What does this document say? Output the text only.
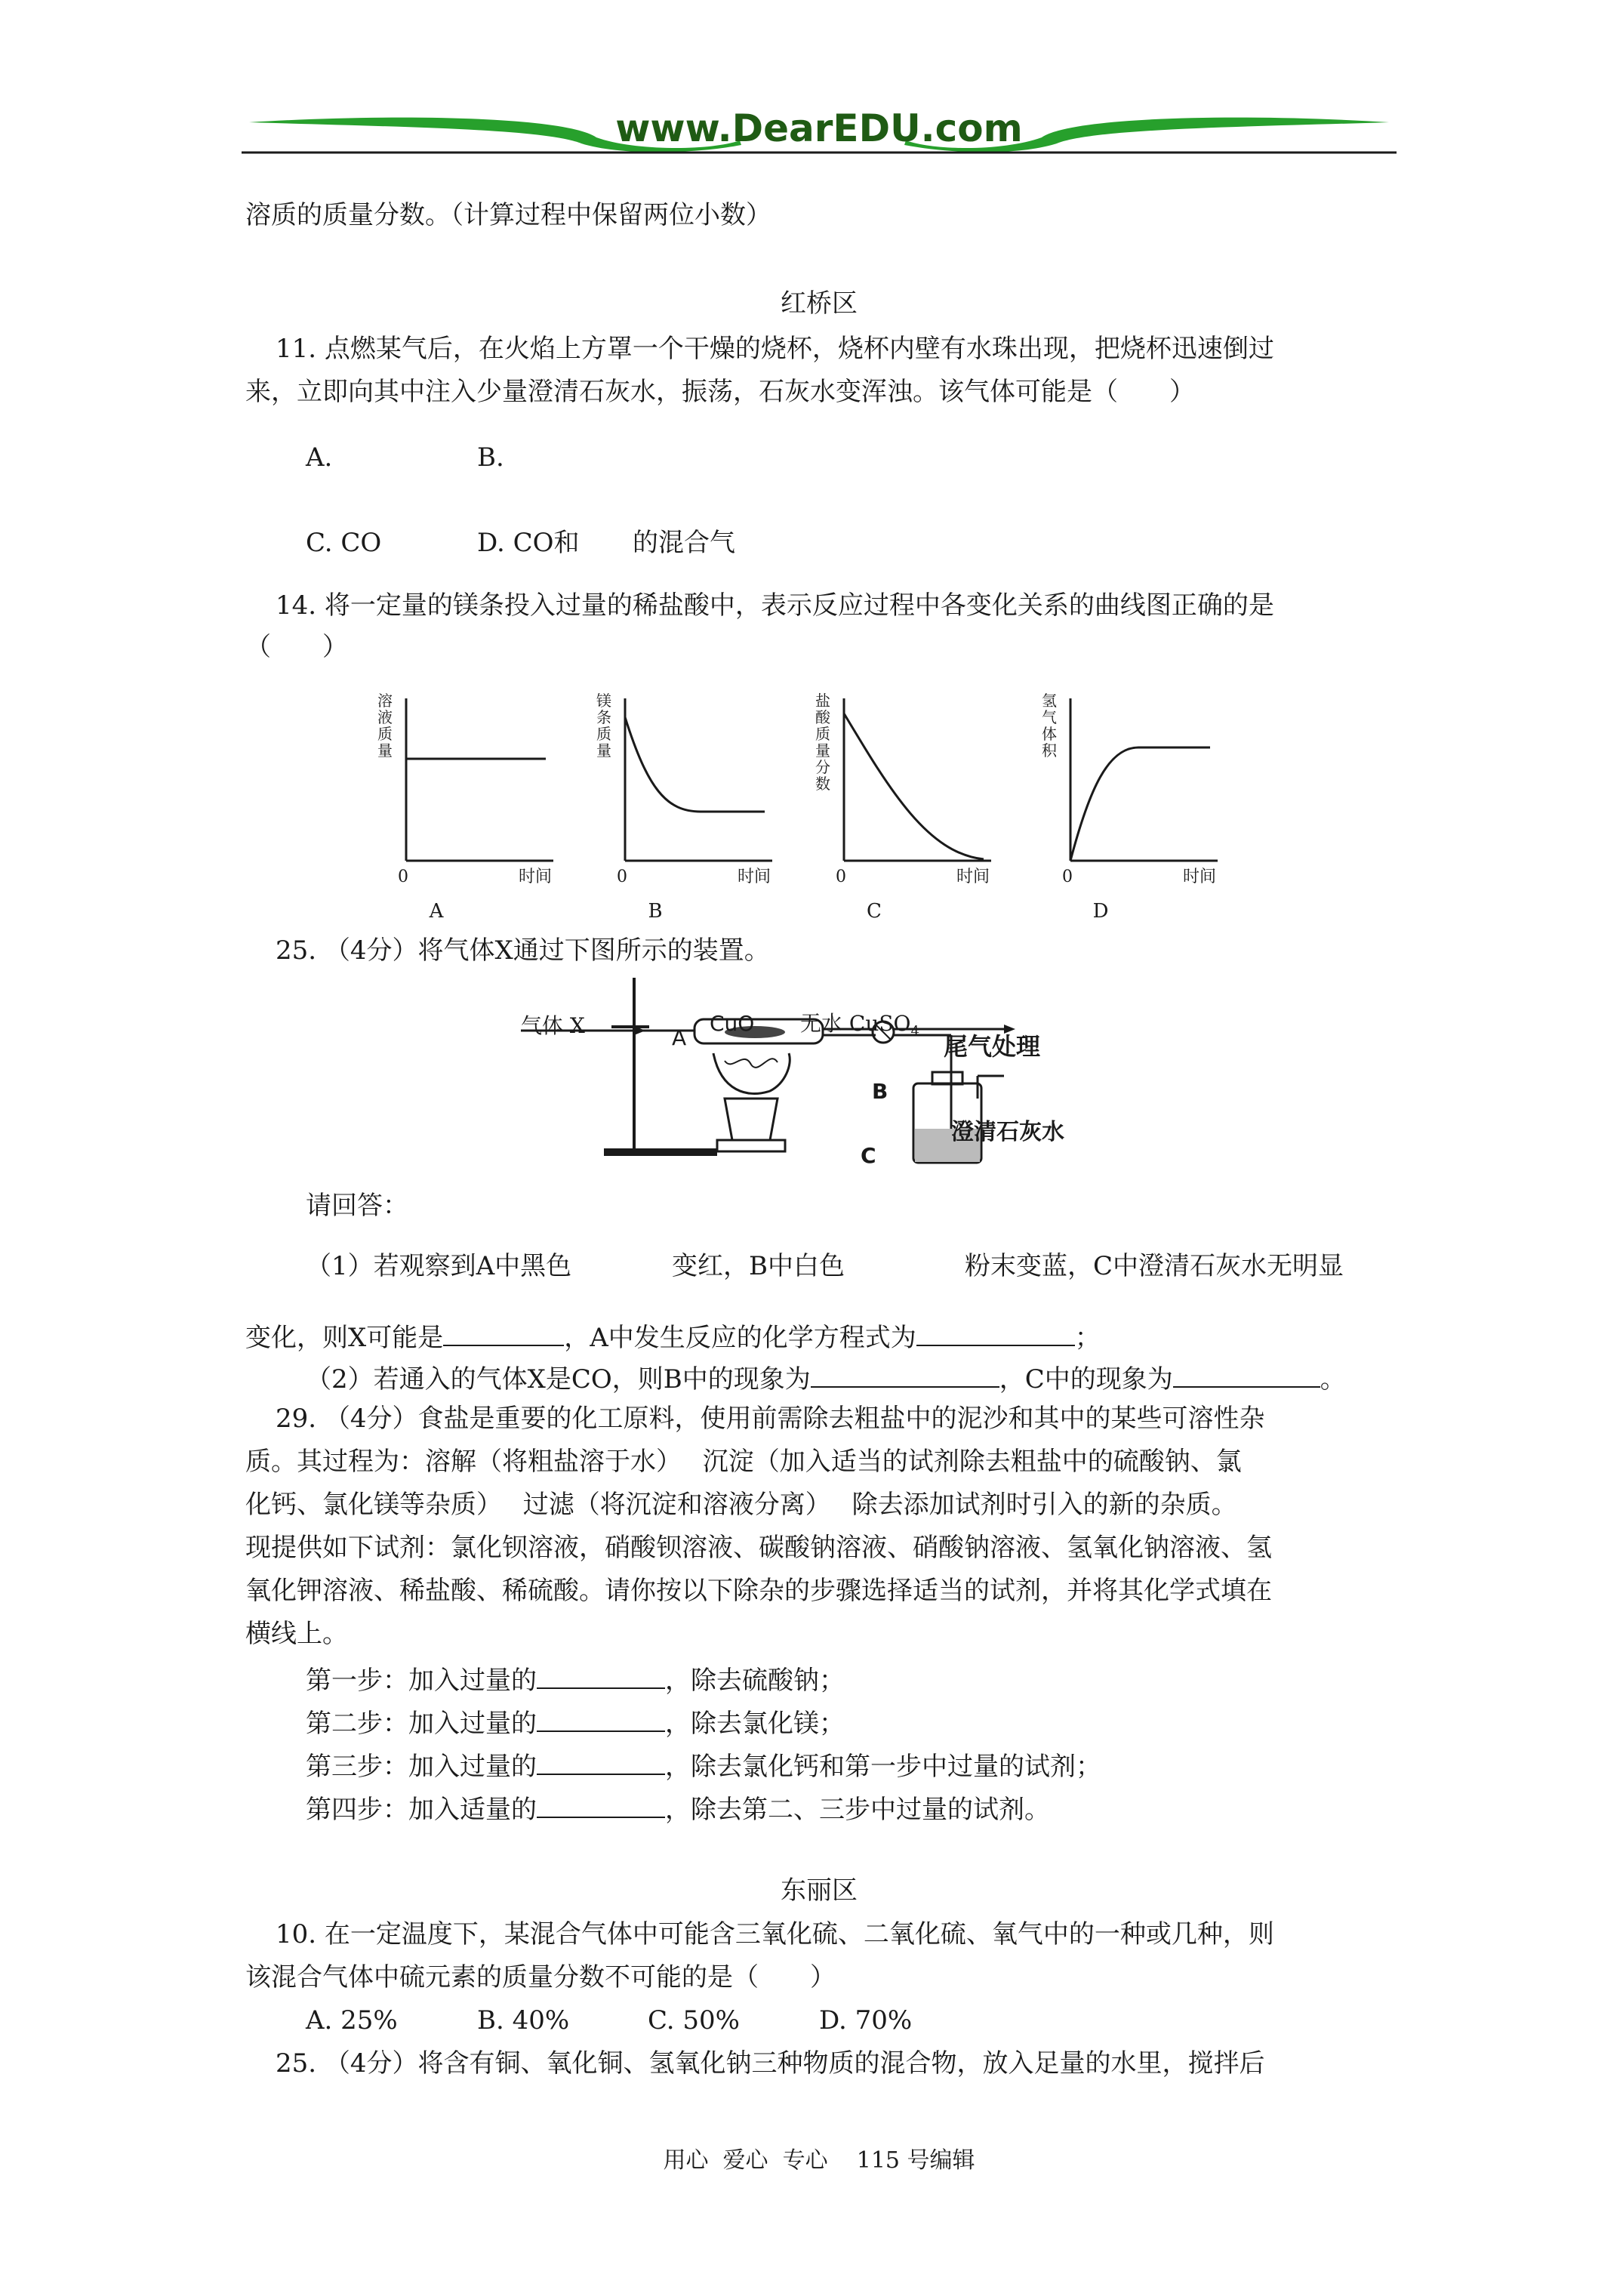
www.DearEDU.com
溶质的质量分数。（计算过程中保留两位小数）
红桥区
11. 点燃某气后，在火焰上方罩一个干燥的烧杯，烧杯内壁有水珠出现，把烧杯迅速倒过
来，立即向其中注入少量澄清石灰水，振荡，石灰水变浑浊。该气体可能是（　　）
A.	B.
C. CO	D. CO和 的混合气
14. 将一定量的镁条投入过量的稀盐酸中，表示反应过程中各变化关系的曲线图正确的是
（　　）
溶
液
质
量
0	时间
A
镁
条
质
量
0	时间
B
盐
酸
质
量
分
数
0	时间
C
氢
气
体
积
0	时间
D
25. （4分）将气体X通过下图所示的装置。
气体 X	A
CuO 无水 CuSO$_4$
尾气处理
B
C
澄清石灰水
请回答：
（1）若观察到A中黑色	变红，B中白色	粉末变蓝，C中澄清石灰水无明显
变化，则X可能是	，A中发生反应的化学方程式为	；
（2）若通入的气体X是CO，则B中的现象为	，C中的现象为	。
29. （4分）食盐是重要的化工原料，使用前需除去粗盐中的泥沙和其中的某些可溶性杂
质。其过程为：溶解（将粗盐溶于水）　 沉淀（加入适当的试剂除去粗盐中的硫酸钠、氯
化钙、氯化镁等杂质）　 过滤（将沉淀和溶液分离）　 除去添加试剂时引入的新的杂质。
现提供如下试剂：氯化钡溶液，硝酸钡溶液、碳酸钠溶液、硝酸钠溶液、氢氧化钠溶液、氢
氧化钾溶液、稀盐酸、稀硫酸。请你按以下除杂的步骤选择适当的试剂，并将其化学式填在
横线上。
第一步：加入过量的	，除去硫酸钠；
第二步：加入过量的	，除去氯化镁；
第三步：加入过量的	，除去氯化钙和第一步中过量的试剂；
第四步：加入适量的	，除去第二、三步中过量的试剂。
东丽区
10. 在一定温度下，某混合气体中可能含三氧化硫、二氧化硫、氧气中的一种或几种，则
该混合气体中硫元素的质量分数不可能的是（　　）
A. 25%	B. 40%	C. 50%	D. 70%
25. （4分）将含有铜、氧化铜、氢氧化钠三种物质的混合物，放入足量的水里，搅拌后
用心  爱心  专心    115 号编辑
